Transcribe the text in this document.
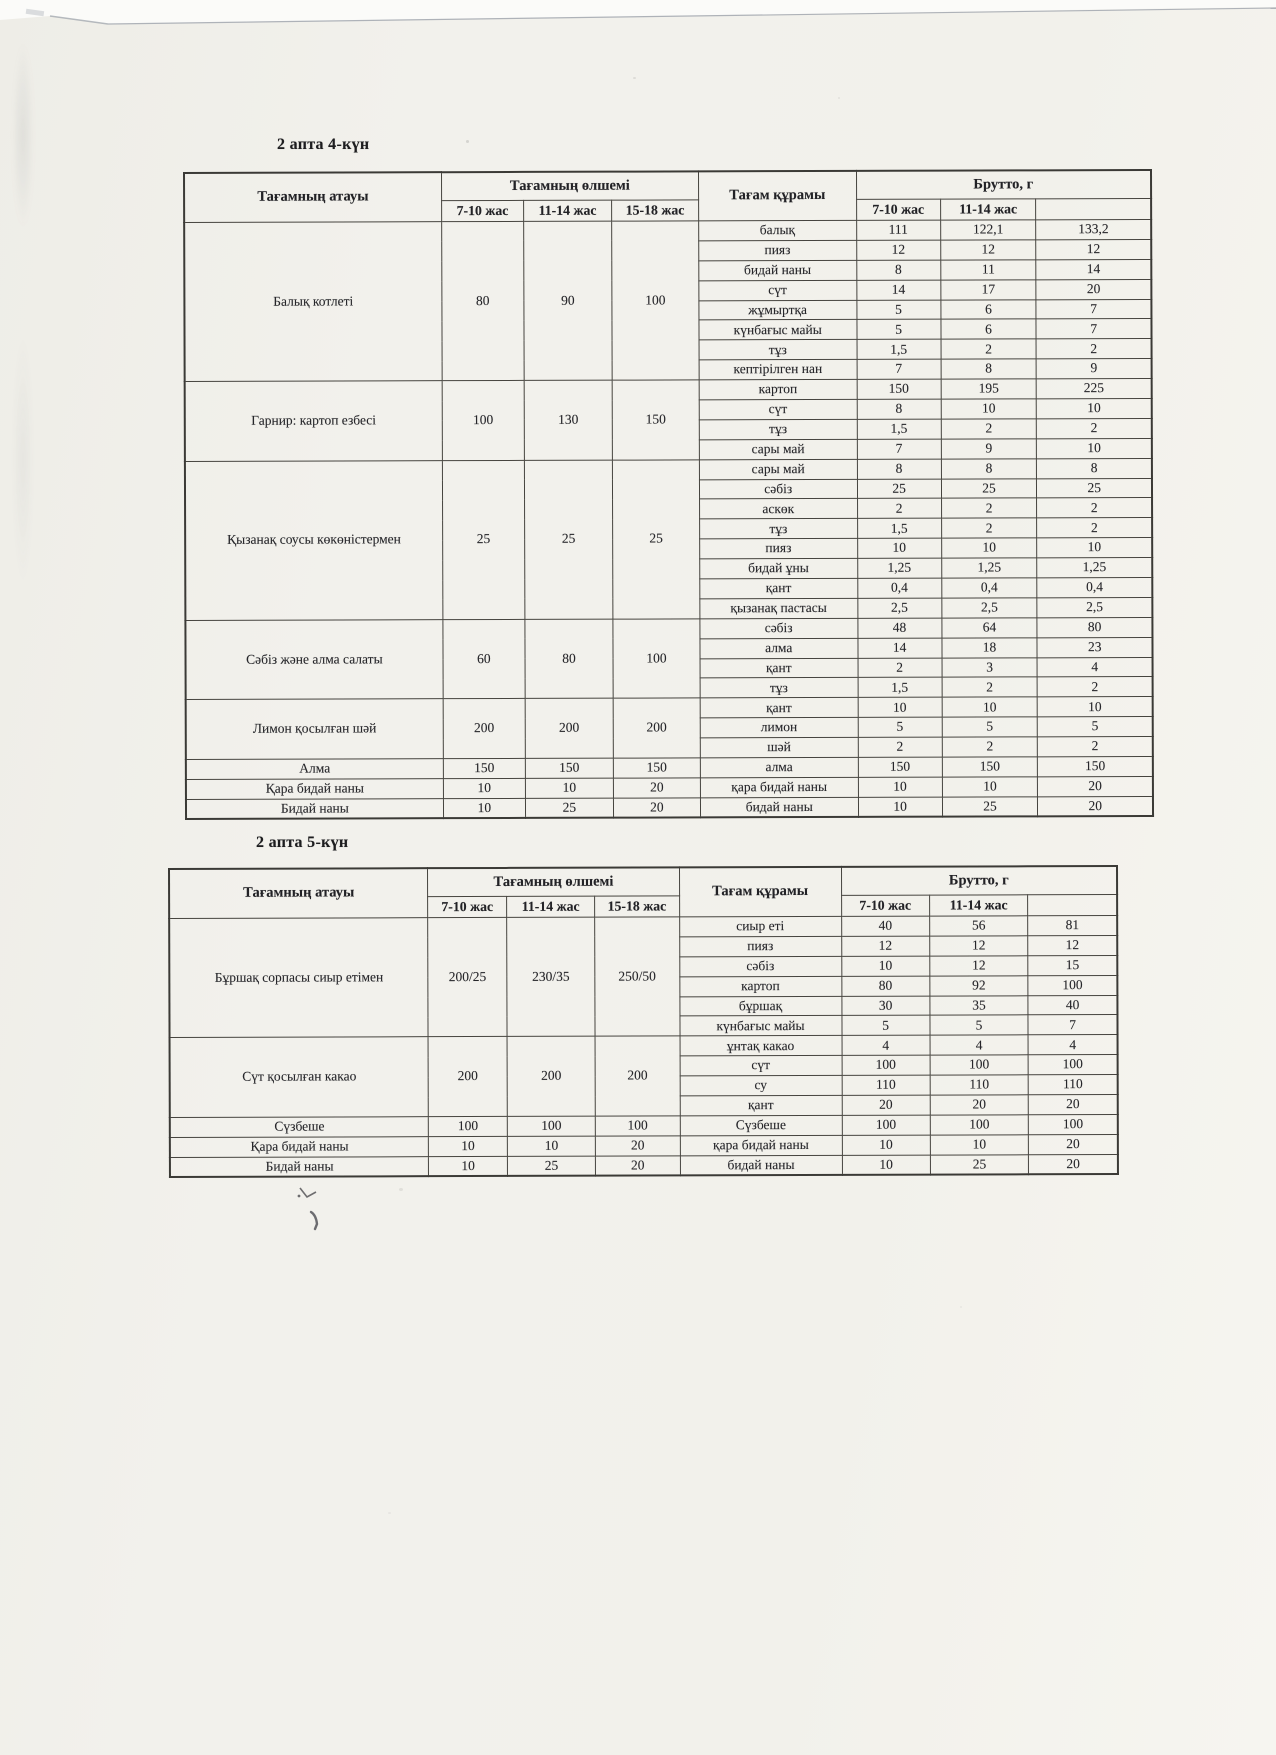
2 апта 4-күн
Тағамның атауы	Тағамның өлшемі			Тағам құрамы	Брутто, г		
	7-10 жас	11-14 жас	15-18 жас		7-10 жас	11-14 жас	
Балық котлеті	80	90	100	балық	111	122,1	133,2
				пияз	12	12	12
				бидай наны	8	11	14
				сүт	14	17	20
				жұмыртқа	5	6	7
				күнбағыс майы	5	6	7
				тұз	1,5	2	2
				кептірілген нан	7	8	9
Гарнир: картоп езбесі	100	130	150	картоп	150	195	225
				сүт	8	10	10
				тұз	1,5	2	2
				сары май	7	9	10
Қызанақ соусы көкөністермен	25	25	25	сары май	8	8	8
				сәбіз	25	25	25
				аскөк	2	2	2
				тұз	1,5	2	2
				пияз	10	10	10
				бидай ұны	1,25	1,25	1,25
				қант	0,4	0,4	0,4
				қызанақ пастасы	2,5	2,5	2,5
Сәбіз және алма салаты	60	80	100	сәбіз	48	64	80
				алма	14	18	23
				қант	2	3	4
				тұз	1,5	2	2
Лимон қосылған шәй	200	200	200	қант	10	10	10
				лимон	5	5	5
				шәй	2	2	2
Алма	150	150	150	алма	150	150	150
Қара бидай наны	10	10	20	қара бидай наны	10	10	20
Бидай наны	10	25	20	бидай наны	10	25	20
2 апта 5-күн
Тағамның атауы	Тағамның өлшемі			Тағам құрамы	Брутто, г		
	7-10 жас	11-14 жас	15-18 жас		7-10 жас	11-14 жас	
Бұршақ сорпасы сиыр етімен	200/25	230/35	250/50	сиыр еті	40	56	81
				пияз	12	12	12
				сәбіз	10	12	15
				картоп	80	92	100
				бұршақ	30	35	40
				күнбағыс майы	5	5	7
Сүт қосылған какао	200	200	200	ұнтақ какао	4	4	4
				сүт	100	100	100
				су	110	110	110
				қант	20	20	20
Сүзбеше	100	100	100	Сүзбеше	100	100	100
Қара бидай наны	10	10	20	қара бидай наны	10	10	20
Бидай наны	10	25	20	бидай наны	10	25	20
